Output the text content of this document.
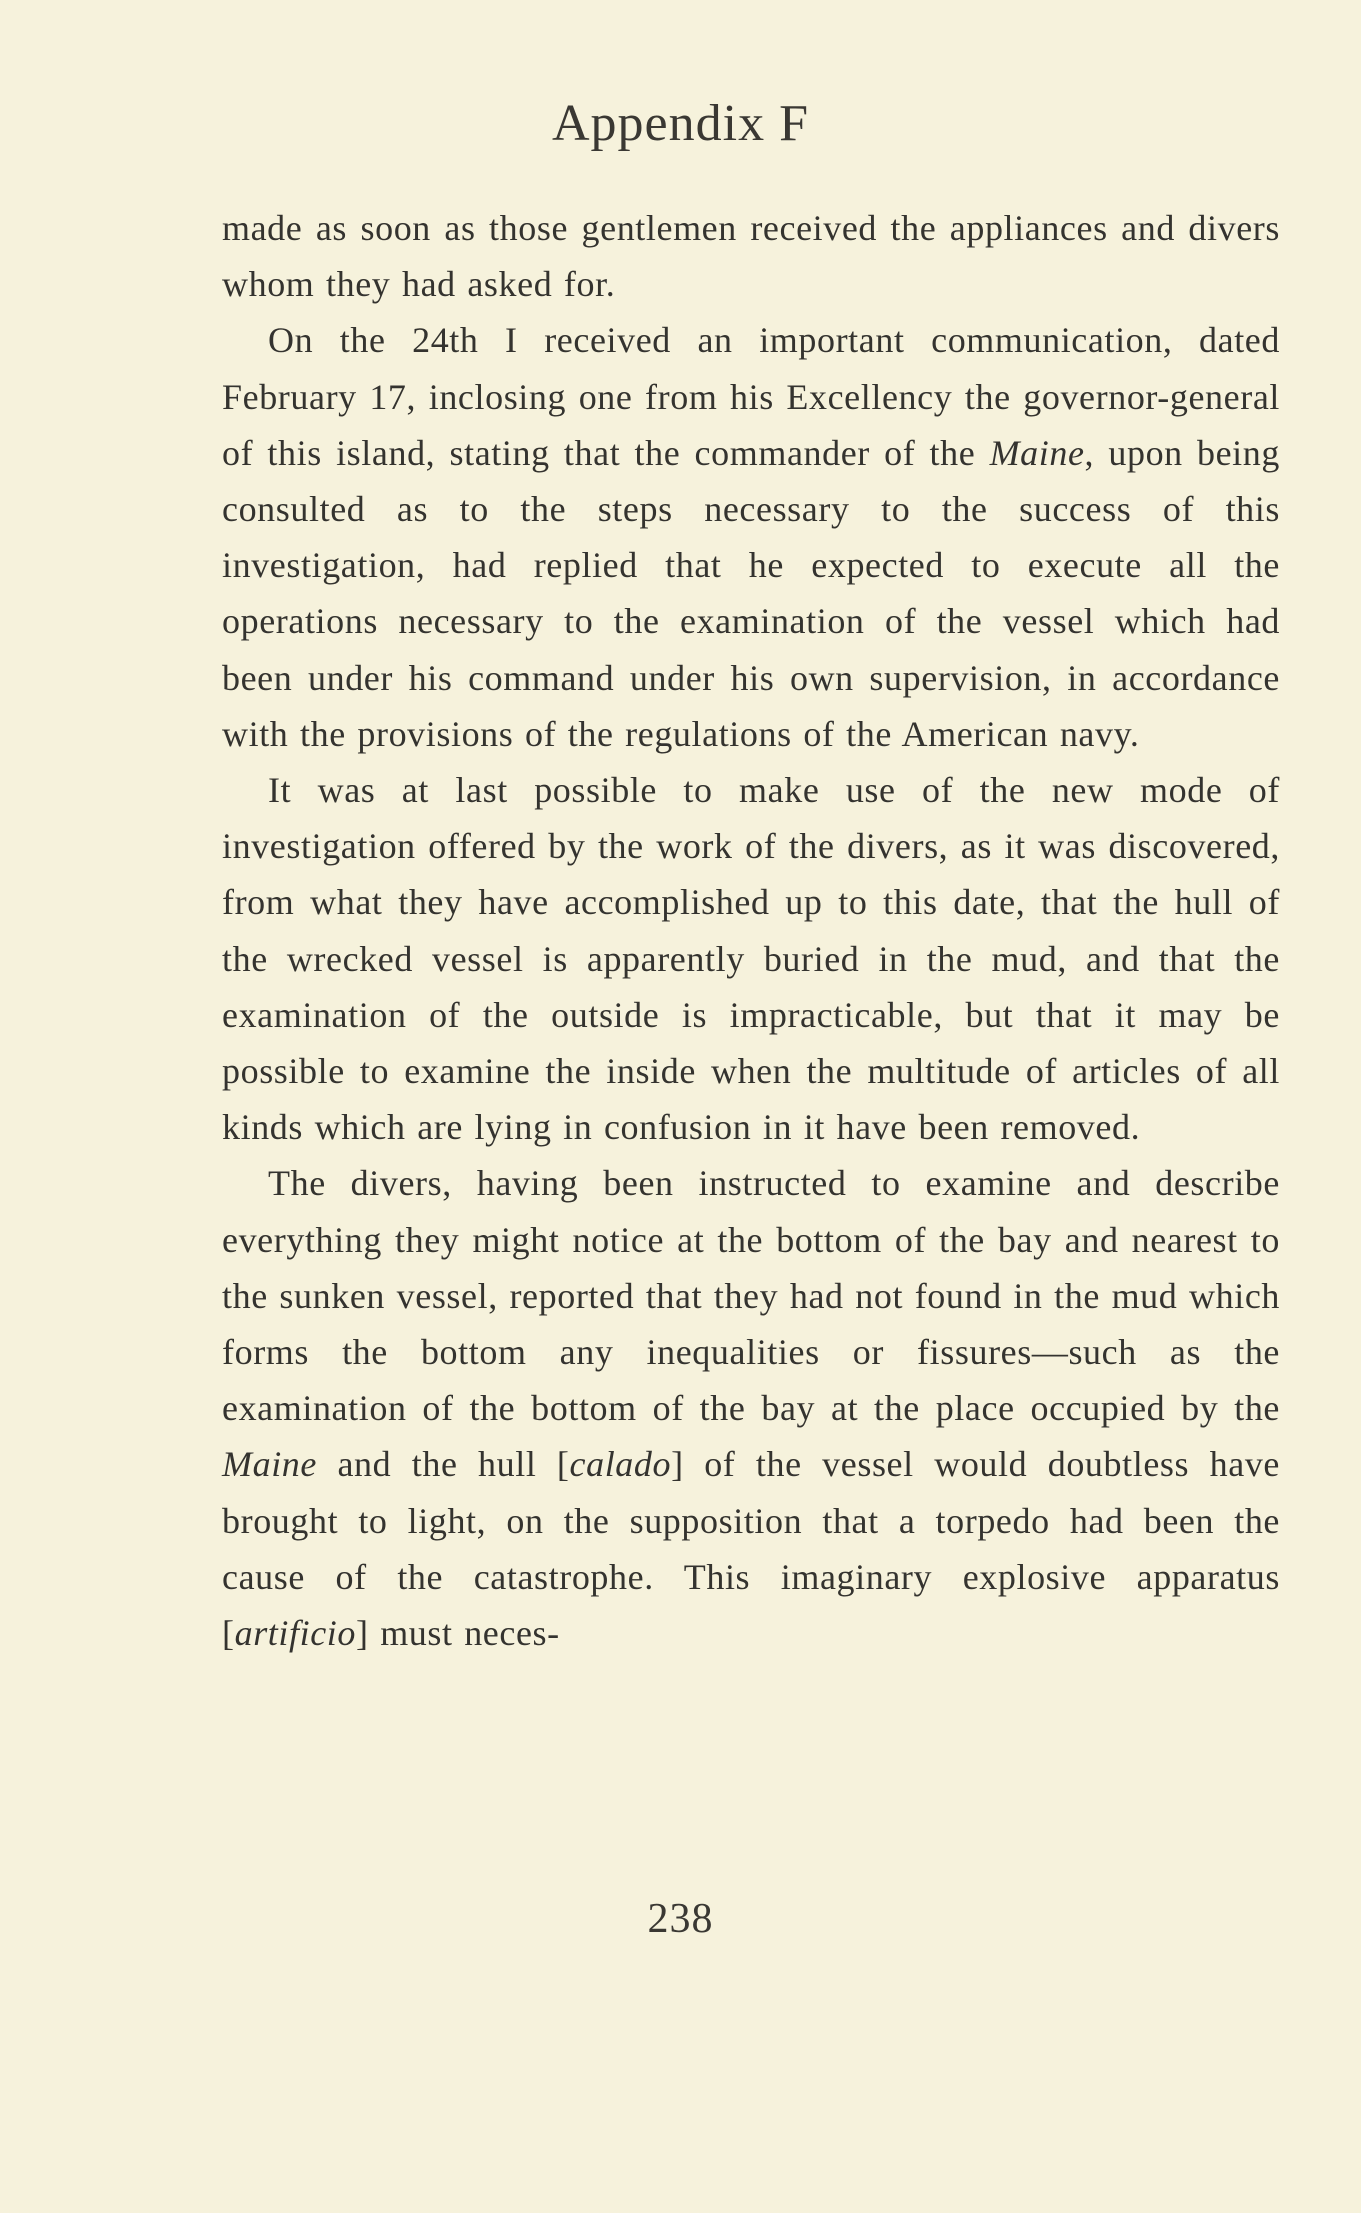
Appendix F

made as soon as those gentlemen received the appliances and divers whom they had asked for.

On the 24th I received an important communication, dated February 17, inclosing one from his Excellency the governor-general of this island, stating that the commander of the Maine, upon being consulted as to the steps necessary to the success of this investigation, had replied that he expected to execute all the operations necessary to the examination of the vessel which had been under his command under his own supervision, in accordance with the provisions of the regulations of the American navy.

It was at last possible to make use of the new mode of investigation offered by the work of the divers, as it was discovered, from what they have accomplished up to this date, that the hull of the wrecked vessel is apparently buried in the mud, and that the examination of the outside is impracticable, but that it may be possible to examine the inside when the multitude of articles of all kinds which are lying in confusion in it have been removed.

The divers, having been instructed to examine and describe everything they might notice at the bottom of the bay and nearest to the sunken vessel, reported that they had not found in the mud which forms the bottom any inequalities or fissures—such as the examination of the bottom of the bay at the place occupied by the Maine and the hull [calado] of the vessel would doubtless have brought to light, on the supposition that a torpedo had been the cause of the catastrophe. This imaginary explosive apparatus [artificio] must neces-

238
